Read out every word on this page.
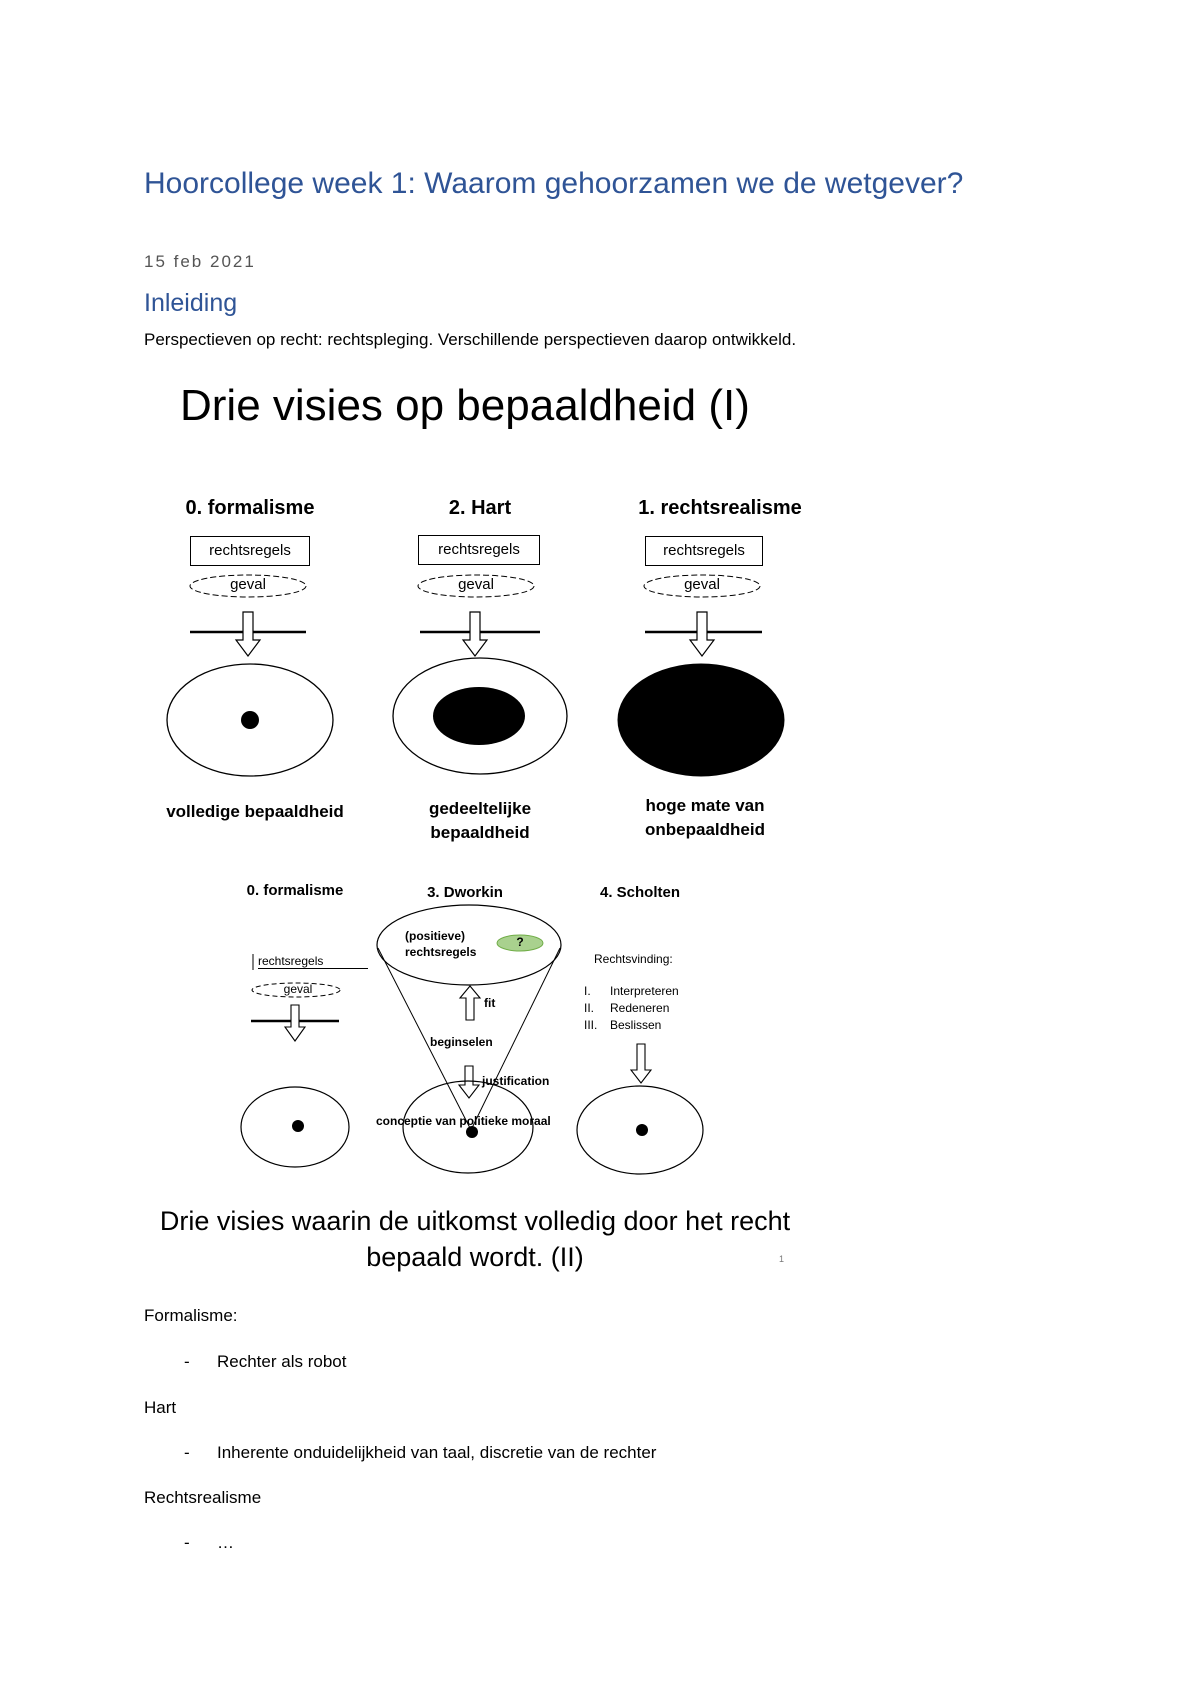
Hoorcollege week 1: Waarom gehoorzamen we de wetgever?
15 feb 2021
Inleiding
Perspectieven op recht: rechtspleging. Verschillende perspectieven daarop ontwikkeld.
Drie visies op bepaaldheid (I)
0. formalisme	2. Hart	1. rechtsrealisme
rechtsregels	rechtsregels	rechtsregels
geval	geval	geval
volledige bepaaldheid	gedeeltelijke bepaaldheid
hoge mate van onbepaaldheid
0. formalisme	3. Dworkin	4. Scholten
rechtsregels
geval
(positieve) rechtsregels
?
fit
beginselen
justification
conceptie van politieke moraal
Rechtsvinding:
I.	Interpreteren
II.	Redeneren
III.	Beslissen
Drie visies waarin de uitkomst volledig door het recht bepaald wordt. (II)	1
Formalisme:
- Rechter als robot
Hart
- Inherente onduidelijkheid van taal, discretie van de rechter
Rechtsrealisme
- …
